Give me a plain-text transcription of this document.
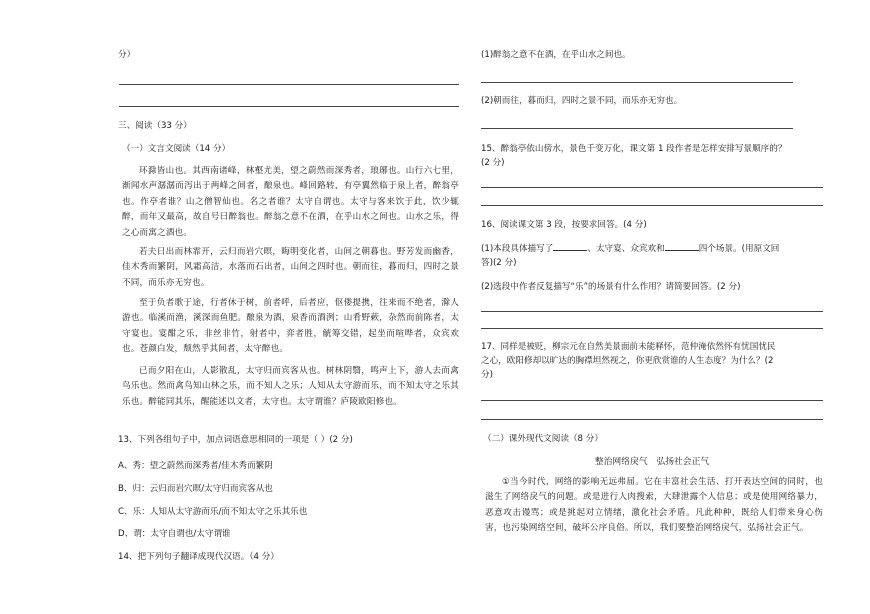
分）
三、阅读（33 分）
（一）文言文阅读（14 分）
环滁皆山也。其西南诸峰，林壑尤美，望之蔚然而深秀者，琅琊也。山行六七里，渐闻水声潺潺而泻出于两峰之间者，酿泉也。峰回路转，有亭翼然临于泉上者，醉翁亭也。作亭者谁？山之僧智仙也。名之者谁？太守自谓也。太守与客来饮于此，饮少辄醉，而年又最高，故自号曰醉翁也。醉翁之意不在酒，在乎山水之间也。山水之乐，得之心而寓之酒也。
若夫日出而林霏开，云归而岩穴暝，晦明变化者，山间之朝暮也。野芳发而幽香，佳木秀而繁阴，风霜高洁，水落而石出者，山间之四时也。朝而往，暮而归，四时之景不同，而乐亦无穷也。
至于负者歌于途，行者休于树，前者呼，后者应，伛偻提携，往来而不绝者，滁人游也。临溪而渔，溪深而鱼肥。酿泉为酒，泉香而酒洌；山肴野蔌，杂然而前陈者，太守宴也。宴酣之乐，非丝非竹，射者中，弈者胜，觥筹交错，起坐而喧哗者，众宾欢也。苍颜白发，颓然乎其间者，太守醉也。
已而夕阳在山，人影散乱，太守归而宾客从也。树林阴翳，鸣声上下，游人去而禽鸟乐也。然而禽鸟知山林之乐，而不知人之乐；人知从太守游而乐，而不知太守之乐其乐也。醉能同其乐，醒能述以文者，太守也。太守谓谁？庐陵欧阳修也。
13、下列各组句子中，加点词语意思相同的一项是（ ）(2 分)
A、秀：望之蔚然而深秀者/佳木秀而繁阴
B、归：云归而岩穴暝/太守归而宾客从也
C、乐：人知从太守游而乐/而不知太守之乐其乐也
D、谓：太守自谓也/太守谓谁
14、把下列句子翻译成现代汉语。（4 分）
(1)醉翁之意不在酒，在乎山水之间也。
(2)朝而往，暮而归，四时之景不同，而乐亦无穷也。
15、醉翁亭依山傍水，景色千变万化，课文第 1 段作者是怎样安排写景顺序的？
(2 分)
16、阅读课文第 3 段，按要求回答。(4 分)
(1)本段具体描写了	、太守宴、众宾欢和	四个场景。(用原文回
答)(2 分)
(2)选段中作者反复描写“乐”的场景有什么作用？请简要回答。(2 分)
17、同样是被贬，柳宗元在自然美景面前未能释怀，范仲淹依然怀有忧国忧民
之心，欧阳修却以旷达的胸襟坦然视之，你更欣赏谁的人生态度？为什么？(2
分)
（二）课外现代文阅读（8 分）
整治网络戾气　弘扬社会正气
①当今时代，网络的影响无远弗届。它在丰富社会生活、打开表达空间的同时，也滋生了网络戾气的问题。或是进行人肉搜索，大肆泄露个人信息；或是使用网络暴力，恶意攻击谩骂；或是挑起对立情绪，激化社会矛盾。凡此种种，既给人们带来身心伤害，也污染网络空间，破坏公序良俗。所以，我们要整治网络戾气，弘扬社会正气。
